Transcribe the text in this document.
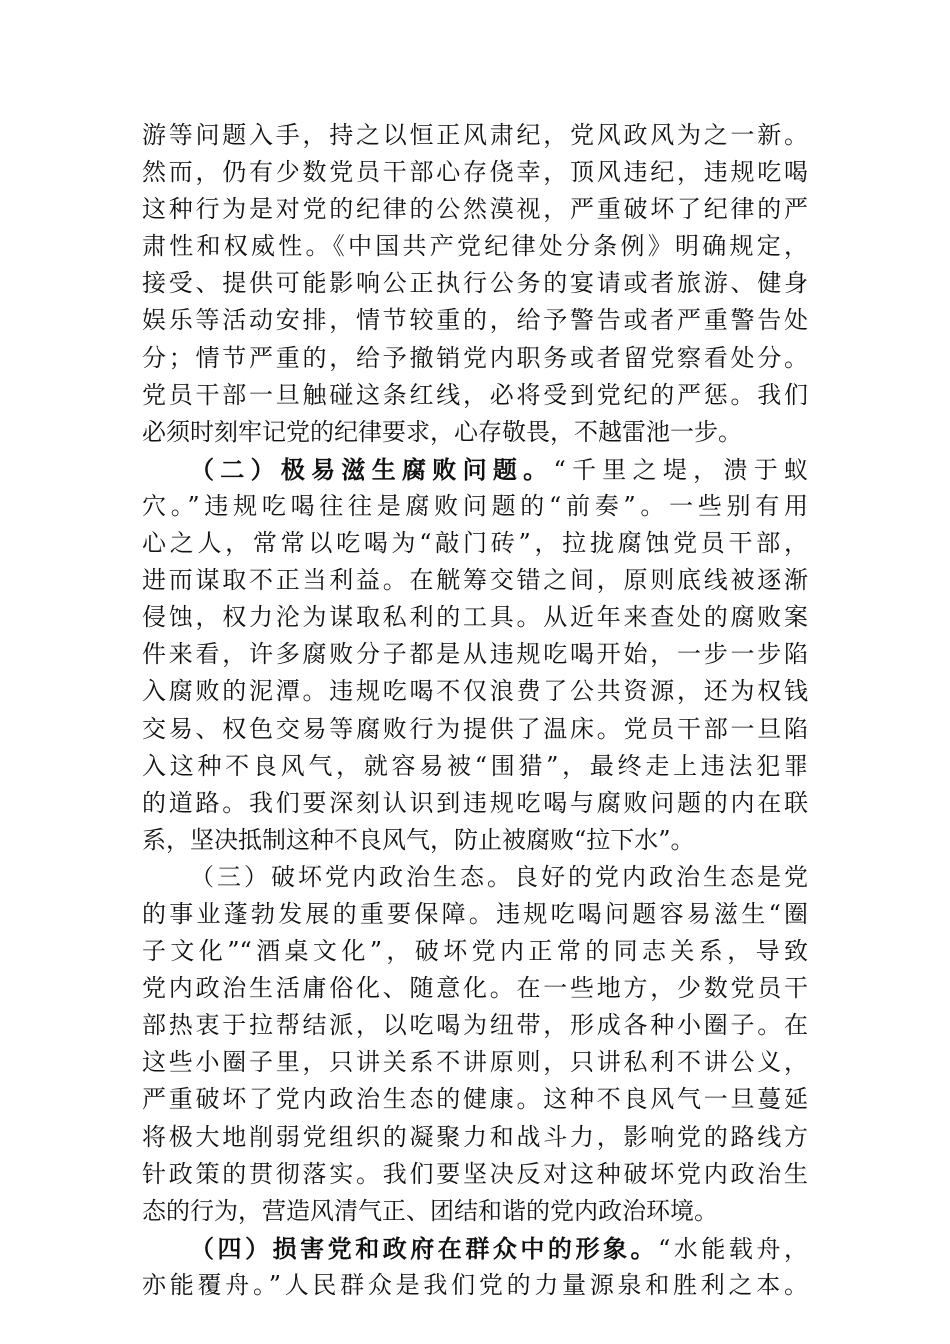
游等问题入手，持之以恒正风肃纪，党风政风为之一新。
然而，仍有少数党员干部心存侥幸，顶风违纪，违规吃喝
这种行为是对党的纪律的公然漠视，严重破坏了纪律的严
肃性和权威性。《中国共产党纪律处分条例》明确规定，
接受、提供可能影响公正执行公务的宴请或者旅游、健身
娱乐等活动安排，情节较重的，给予警告或者严重警告处
分；情节严重的，给予撤销党内职务或者留党察看处分。
党员干部一旦触碰这条红线，必将受到党纪的严惩。我们
必须时刻牢记党的纪律要求，心存敬畏，不越雷池一步。
（二）极易滋生腐败问题。“千里之堤，溃于蚁
穴。”违规吃喝往往是腐败问题的“前奏”。一些别有用
心之人，常常以吃喝为“敲门砖”，拉拢腐蚀党员干部，
进而谋取不正当利益。在觥筹交错之间，原则底线被逐渐
侵蚀，权力沦为谋取私利的工具。从近年来查处的腐败案
件来看，许多腐败分子都是从违规吃喝开始，一步一步陷
入腐败的泥潭。违规吃喝不仅浪费了公共资源，还为权钱
交易、权色交易等腐败行为提供了温床。党员干部一旦陷
入这种不良风气，就容易被“围猎”，最终走上违法犯罪
的道路。我们要深刻认识到违规吃喝与腐败问题的内在联
系，坚决抵制这种不良风气，防止被腐败“拉下水”。
（三）破坏党内政治生态。良好的党内政治生态是党
的事业蓬勃发展的重要保障。违规吃喝问题容易滋生“圈
子文化”“酒桌文化”，破坏党内正常的同志关系，导致
党内政治生活庸俗化、随意化。在一些地方，少数党员干
部热衷于拉帮结派，以吃喝为纽带，形成各种小圈子。在
这些小圈子里，只讲关系不讲原则，只讲私利不讲公义，
严重破坏了党内政治生态的健康。这种不良风气一旦蔓延
将极大地削弱党组织的凝聚力和战斗力，影响党的路线方
针政策的贯彻落实。我们要坚决反对这种破坏党内政治生
态的行为，营造风清气正、团结和谐的党内政治环境。
（四）损害党和政府在群众中的形象。“水能载舟，
亦能覆舟。”人民群众是我们党的力量源泉和胜利之本。
